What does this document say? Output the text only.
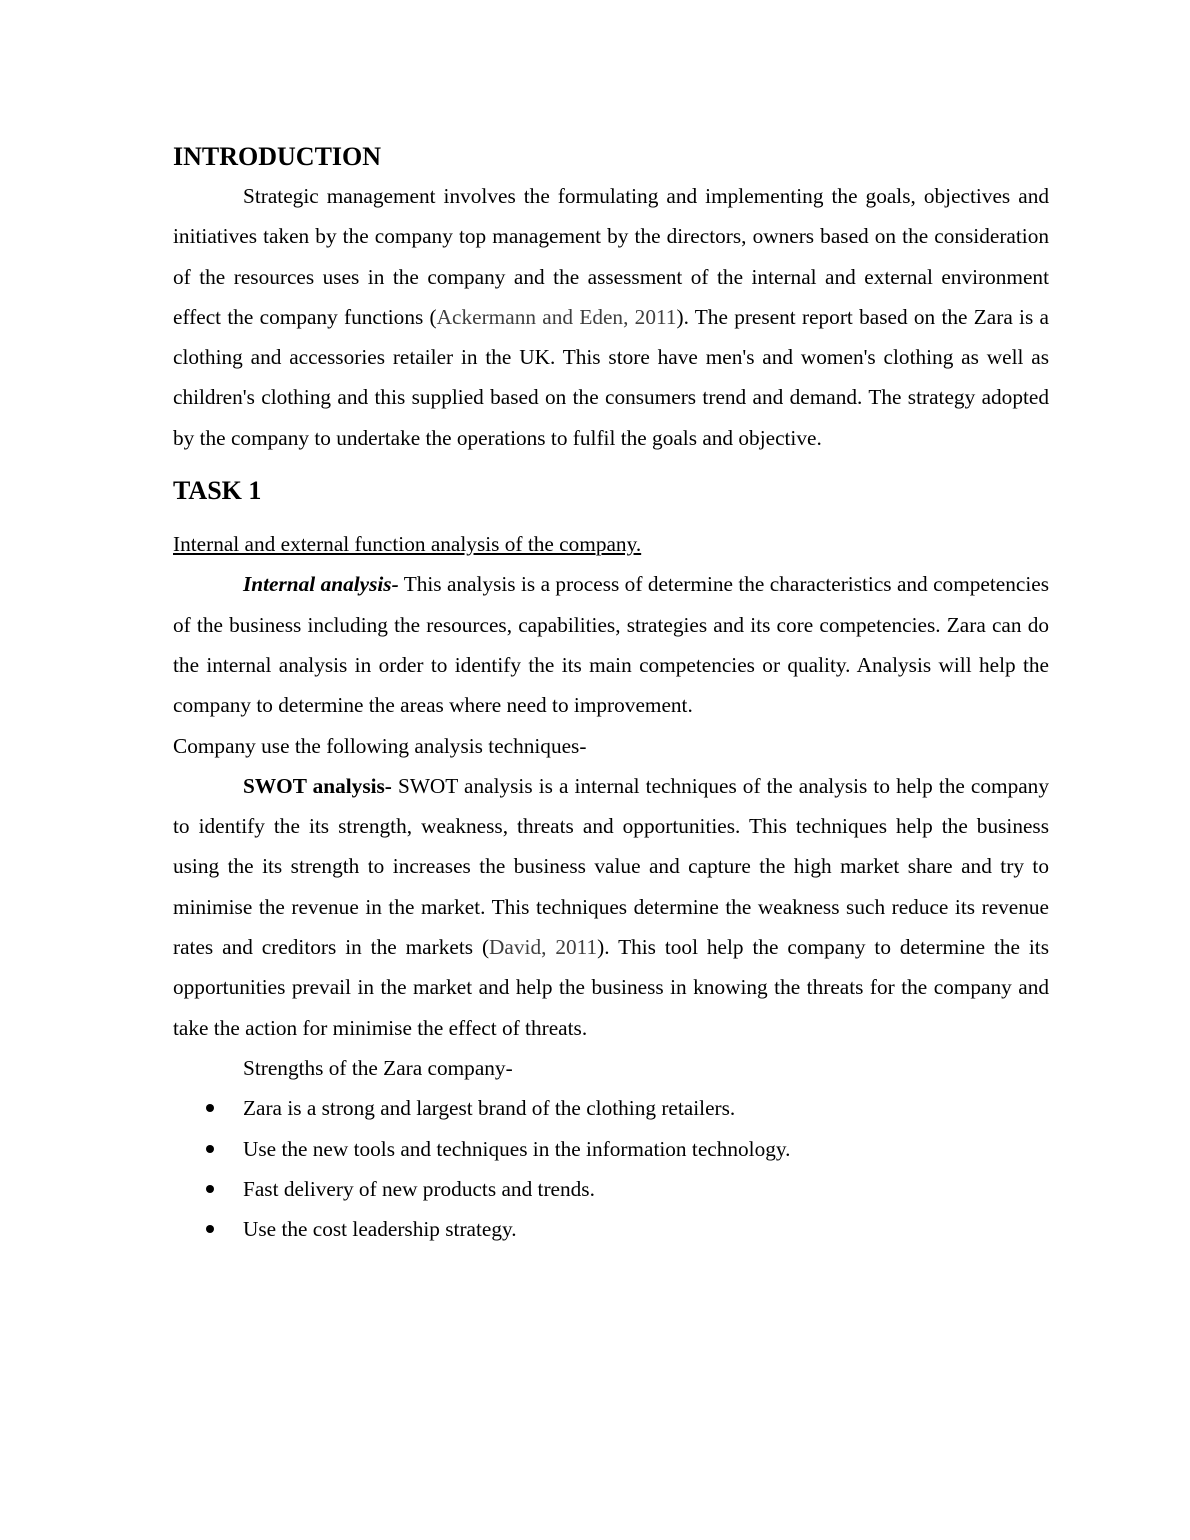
INTRODUCTION

Strategic management involves the formulating and implementing the goals, objectives and initiatives taken by the company top management by the directors, owners based on the consideration of the resources uses in the company and the assessment of the internal and external environment effect the company functions (Ackermann and Eden, 2011). The present report based on the Zara is a clothing and accessories retailer in the UK. This store have men's and women's clothing as well as children's clothing and this supplied based on the consumers trend and demand. The strategy adopted by the company to undertake the operations to fulfil the goals and objective.

TASK 1

Internal and external function analysis of the company.

Internal analysis- This analysis is a process of determine the characteristics and competencies of the business including the resources, capabilities, strategies and its core competencies. Zara can do the internal analysis in order to identify the its main competencies or quality. Analysis will help the company to determine the areas where need to improvement.

Company use the following analysis techniques-

SWOT analysis- SWOT analysis is a internal techniques of the analysis to help the company to identify the its strength, weakness, threats and opportunities. This techniques help the business using the its strength to increases the business value and capture the high market share and try to minimise the revenue in the market. This techniques determine the weakness such reduce its revenue rates and creditors in the markets (David, 2011). This tool help the company to determine the its opportunities prevail in the market and help the business in knowing the threats for the company and take the action for minimise the effect of threats.

Strengths of the Zara company-

Zara is a strong and largest brand of the clothing retailers.
Use the new tools and techniques in the information technology.
Fast delivery of new products and trends.
Use the cost leadership strategy.
